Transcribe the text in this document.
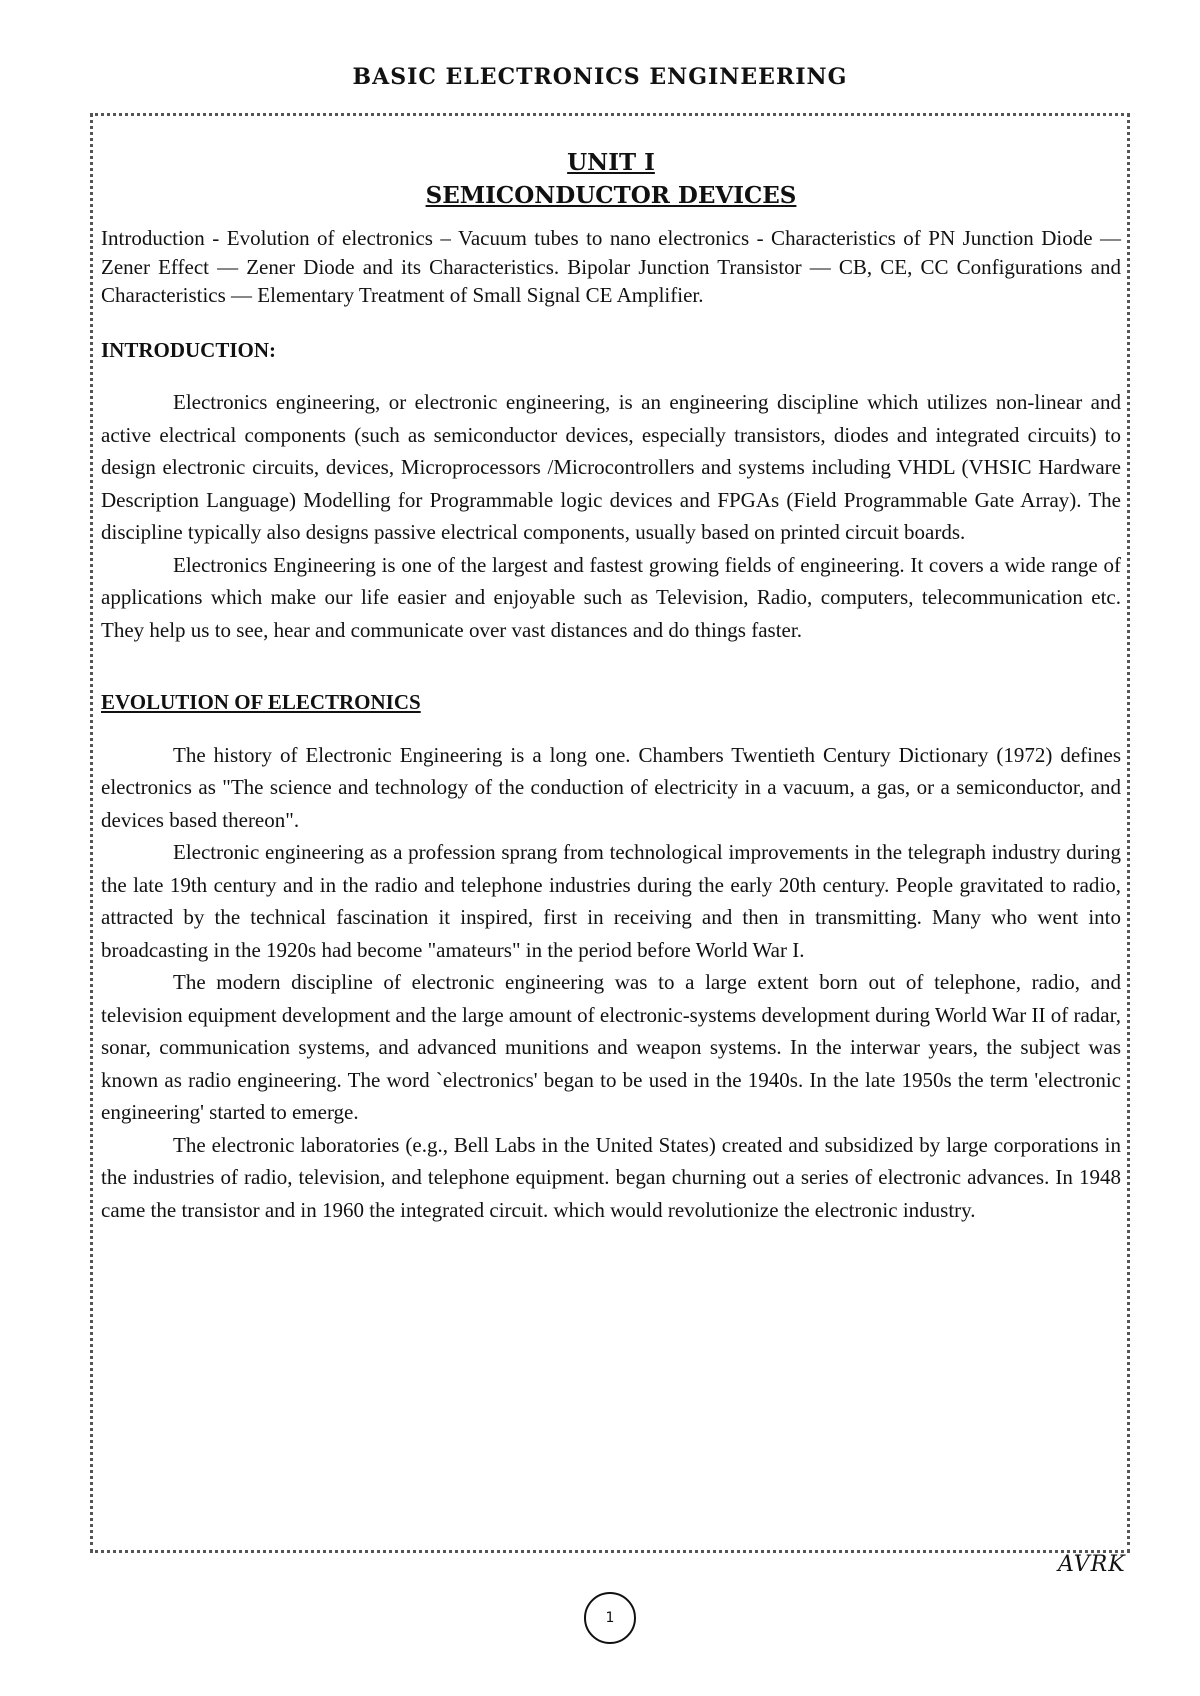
BASIC ELECTRONICS ENGINEERING
UNIT I
SEMICONDUCTOR DEVICES
Introduction - Evolution of electronics – Vacuum tubes to nano electronics - Characteristics of PN Junction Diode — Zener Effect — Zener Diode and its Characteristics. Bipolar Junction Transistor — CB, CE, CC Configurations and Characteristics — Elementary Treatment of Small Signal CE Amplifier.
INTRODUCTION:

Electronics engineering, or electronic engineering, is an engineering discipline which utilizes non-linear and active electrical components (such as semiconductor devices, especially transistors, diodes and integrated circuits) to design electronic circuits, devices, Microprocessors /Microcontrollers and systems including VHDL (VHSIC Hardware Description Language) Modelling for Programmable logic devices and FPGAs (Field Programmable Gate Array). The discipline typically also designs passive electrical components, usually based on printed circuit boards.

Electronics Engineering is one of the largest and fastest growing fields of engineering. It covers a wide range of applications which make our life easier and enjoyable such as Television, Radio, computers, telecommunication etc. They help us to see, hear and communicate over vast distances and do things faster.

EVOLUTION OF ELECTRONICS

The history of Electronic Engineering is a long one. Chambers Twentieth Century Dictionary (1972) defines electronics as "The science and technology of the conduction of electricity in a vacuum, a gas, or a semiconductor, and devices based thereon".

Electronic engineering as a profession sprang from technological improvements in the telegraph industry during the late 19th century and in the radio and telephone industries during the early 20th century. People gravitated to radio, attracted by the technical fascination it inspired, first in receiving and then in transmitting. Many who went into broadcasting in the 1920s had become "amateurs" in the period before World War I.

The modern discipline of electronic engineering was to a large extent born out of telephone, radio, and television equipment development and the large amount of electronic-systems development during World War II of radar, sonar, communication systems, and advanced munitions and weapon systems. In the interwar years, the subject was known as radio engineering. The word `electronics' began to be used in the 1940s. In the late 1950s the term 'electronic engineering' started to emerge.

The electronic laboratories (e.g., Bell Labs in the United States) created and subsidized by large corporations in the industries of radio, television, and telephone equipment. began churning out a series of electronic advances. In 1948 came the transistor and in 1960 the integrated circuit. which would revolutionize the electronic industry.

AVRK
1
